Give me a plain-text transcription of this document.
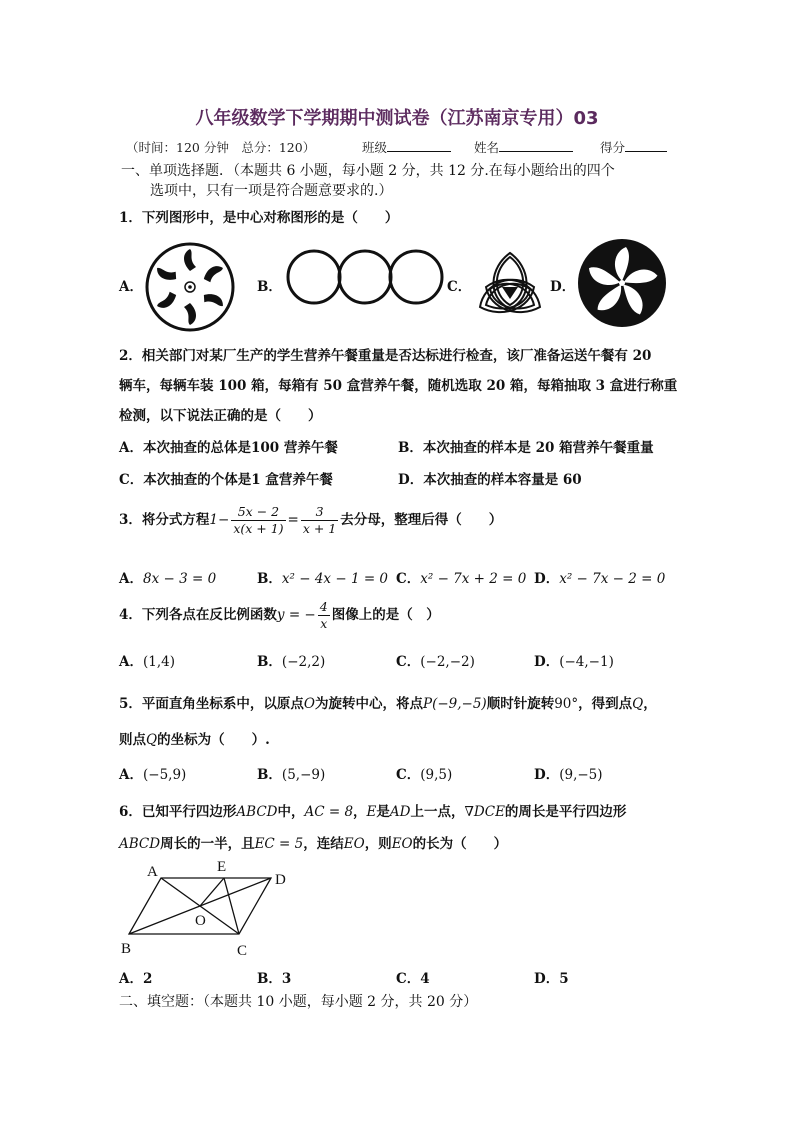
八年级数学下学期期中测试卷（江苏南京专用）03
（时间：120 分钟　总分：120）	班级	姓名	得分
一、单项选择题．（本题共 6 小题，每小题 2 分，共 12 分.在每小题给出的四个
选项中，只有一项是符合题意要求的.）
1．下列图形中，是中心对称图形的是（　　）
A．	B．	C．	D．
2．相关部门对某厂生产的学生营养午餐重量是否达标进行检查，该厂准备运送午餐有 20
辆车，每辆车装 100 箱，每箱有 50 盒营养午餐，随机选取 20 箱，每箱抽取 3 盒进行称重
检测，以下说法正确的是（　　）
A．本次抽查的总体是100 营养午餐	B．本次抽查的样本是 20 箱营养午餐重量
C．本次抽查的个体是1 盒营养午餐	D．本次抽查的样本容量是 60
3．将分式方程$1- \frac{5x - 2}{x(x + 1)} = \frac{3}{x + 1}$ 去分母，整理后得（　　）
A．8x − 3 = 0	B．x² − 4x − 1 = 0 C．x² − 7x + 2 = 0 D．x² − 7x − 2 = 0
4．下列各点在反比例函数y = − $\frac{4}{x}$ 图像上的是（　）
A．(1,4)	B．(−2,2)	C．(−2,−2)	D．(−4,−1)
5．平面直角坐标系中，以原点O为旋转中心，将点P(−9,−5)顺时针旋转90°，得到点Q，
则点Q的坐标为（　　）.
A．(−5,9)	B．(5,−9)	C．(9,5)	D．(9,−5)
6．已知平行四边形ABCD中，AC = 8，E是AD上一点，∇DCE的周长是平行四边形
ABCD周长的一半，且EC = 5，连结EO，则EO的长为（　　）
A	E
D
O
B	C
A．2	B．3	C．4	D．5
二、填空题：（本题共 10 小题，每小题 2 分，共 20 分）
